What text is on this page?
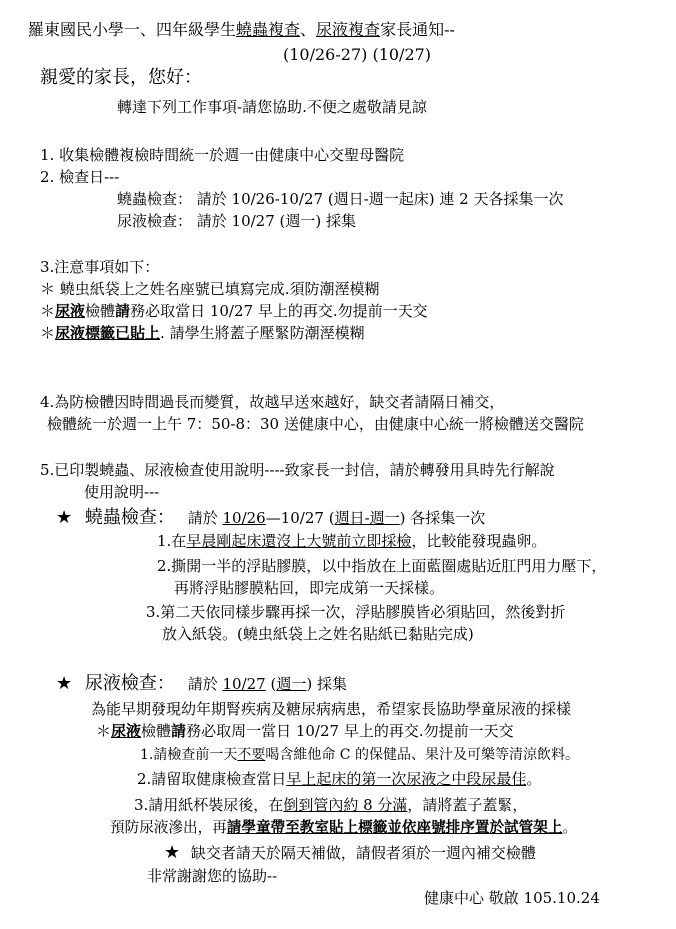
羅東國民小學一、四年級學生蟯蟲複查、尿液複查家長通知--
(10/26-27) (10/27)
親愛的家長，您好：
轉達下列工作事項-請您協助.不便之處敬請見諒
1. 收集檢體複檢時間統一於週一由健康中心交聖母醫院
2. 檢查日---
蟯蟲檢查： 請於 10/26-10/27 (週日-週一起床) 連 2 天各採集一次
尿液檢查： 請於 10/27 (週一) 採集
3.注意事項如下：
＊ 蟯虫紙袋上之姓名座號已填寫完成.須防潮溼模糊
＊尿液檢體請務必取當日 10/27 早上的再交.勿提前一天交
＊尿液標籤已貼上. 請學生將蓋子壓緊防潮溼模糊
4.為防檢體因時間過長而變質，故越早送來越好，缺交者請隔日補交，
檢體統一於週一上午 7：50-8：30 送健康中心，由健康中心統一將檢體送交醫院
5.已印製蟯蟲、尿液檢查使用說明----致家長一封信，請於轉發用具時先行解說
使用說明---
★ 蟯蟲檢查： 請於 10/26—10/27 (週日-週一) 各採集一次
1.在早晨剛起床還沒上大號前立即採檢，比較能發現蟲卵。
2.撕開一半的浮貼膠膜，以中指放在上面藍圈處貼近肛門用力壓下，
再將浮貼膠膜粘回，即完成第一天採樣。
3.第二天依同樣步驟再採一次，浮貼膠膜皆必須貼回，然後對折
放入紙袋。(蟯虫紙袋上之姓名貼紙已黏貼完成)
★ 尿液檢查： 請於 10/27 (週一) 採集
為能早期發現幼年期腎疾病及糖尿病病患，希望家長協助學童尿液的採樣
＊尿液檢體請務必取周一當日 10/27 早上的再交.勿提前一天交
1.請檢查前一天不要喝含維他命 C 的保健品、果汁及可樂等清涼飲料。
2.請留取健康檢查當日早上起床的第一次尿液之中段尿最佳。
3.請用紙杯裝尿後，在倒到管內約 8 分滿，請將蓋子蓋緊，
預防尿液滲出，再請學童帶至教室貼上標籤並依座號排序置於試管架上。
★ 缺交者請天於隔天補做，請假者須於一週內補交檢體
非常謝謝您的協助--
健康中心 敬啟 105.10.24
